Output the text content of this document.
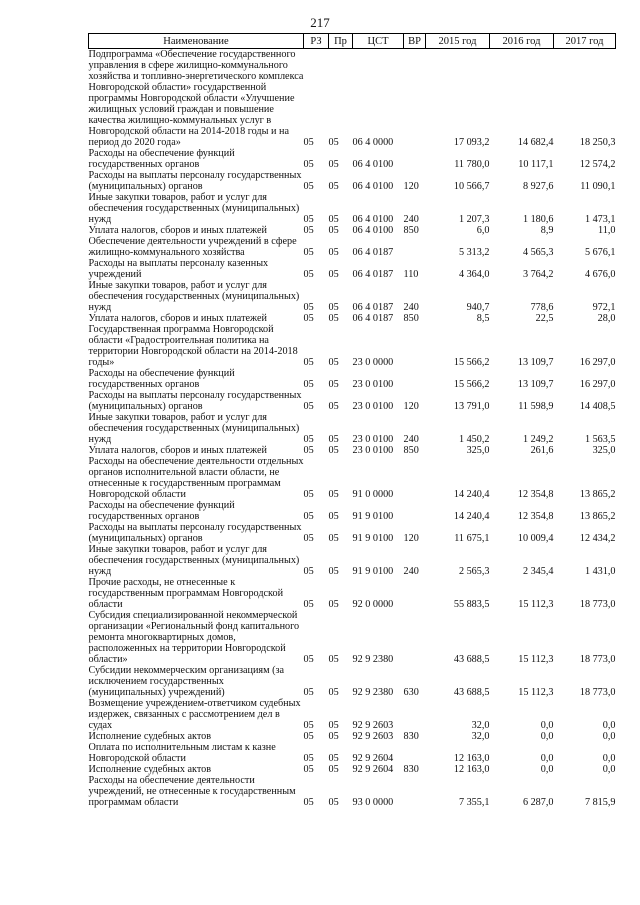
217
Наименование	РЗ	Пр	ЦСТ	ВР	2015 год	2016 год	2017 год
Подпрограмма «Обеспечение государственного управления в сфере жилищно-коммунального хозяйства и топливно-энергетического комплекса Новгородской области» государственной программы Новгородской области «Улучшение жилищных условий граждан и повышение качества жилищно-коммунальных услуг в Новгородской области на 2014-2018 годы и на период до 2020 года»	05	05	06 4 0000		17 093,2	14 682,4	18 250,3
Расходы на обеспечение функций государственных органов	05	05	06 4 0100		11 780,0	10 117,1	12 574,2
Расходы на выплаты персоналу государственных (муниципальных) органов	05	05	06 4 0100	120	10 566,7	8 927,6	11 090,1
Иные закупки товаров, работ и услуг для обеспечения государственных (муниципальных) нужд	05	05	06 4 0100	240	1 207,3	1 180,6	1 473,1
Уплата налогов, сборов и иных платежей	05	05	06 4 0100	850	6,0	8,9	11,0
Обеспечение деятельности учреждений в сфере жилищно-коммунального хозяйства	05	05	06 4 0187		5 313,2	4 565,3	5 676,1
Расходы на выплаты персоналу казенных учреждений	05	05	06 4 0187	110	4 364,0	3 764,2	4 676,0
Иные закупки товаров, работ и услуг для обеспечения государственных (муниципальных) нужд	05	05	06 4 0187	240	940,7	778,6	972,1
Уплата налогов, сборов и иных платежей	05	05	06 4 0187	850	8,5	22,5	28,0
Государственная программа Новгородской области «Градостроительная политика на территории Новгородской области на 2014-2018 годы»	05	05	23 0 0000		15 566,2	13 109,7	16 297,0
Расходы на обеспечение функций государственных органов	05	05	23 0 0100		15 566,2	13 109,7	16 297,0
Расходы на выплаты персоналу государственных (муниципальных) органов	05	05	23 0 0100	120	13 791,0	11 598,9	14 408,5
Иные закупки товаров, работ и услуг для обеспечения государственных (муниципальных) нужд	05	05	23 0 0100	240	1 450,2	1 249,2	1 563,5
Уплата налогов, сборов и иных платежей	05	05	23 0 0100	850	325,0	261,6	325,0
Расходы на обеспечение деятельности отдельных органов исполнительной власти области, не отнесенные к государственным программам Новгородской области	05	05	91 0 0000		14 240,4	12 354,8	13 865,2
Расходы на обеспечение функций государственных органов	05	05	91 9 0100		14 240,4	12 354,8	13 865,2
Расходы на выплаты персоналу государственных (муниципальных) органов	05	05	91 9 0100	120	11 675,1	10 009,4	12 434,2
Иные закупки товаров, работ и услуг для обеспечения государственных (муниципальных) нужд	05	05	91 9 0100	240	2 565,3	2 345,4	1 431,0
Прочие расходы, не отнесенные к государственным программам Новгородской области	05	05	92 0 0000		55 883,5	15 112,3	18 773,0
Субсидия специализированной некоммерческой организации «Региональный фонд капитального ремонта многоквартирных домов, расположенных на территории Новгородской области»	05	05	92 9 2380		43 688,5	15 112,3	18 773,0
Субсидии некоммерческим организациям (за исключением государственных (муниципальных) учреждений)	05	05	92 9 2380	630	43 688,5	15 112,3	18 773,0
Возмещение учреждением-ответчиком судебных издержек, связанных с рассмотрением дел в судах	05	05	92 9 2603		32,0	0,0	0,0
Исполнение судебных актов	05	05	92 9 2603	830	32,0	0,0	0,0
Оплата по исполнительным листам к казне Новгородской области	05	05	92 9 2604		12 163,0	0,0	0,0
Исполнение судебных актов	05	05	92 9 2604	830	12 163,0	0,0	0,0
Расходы на обеспечение деятельности учреждений, не отнесенные к государственным программам области	05	05	93 0 0000		7 355,1	6 287,0	7 815,9
